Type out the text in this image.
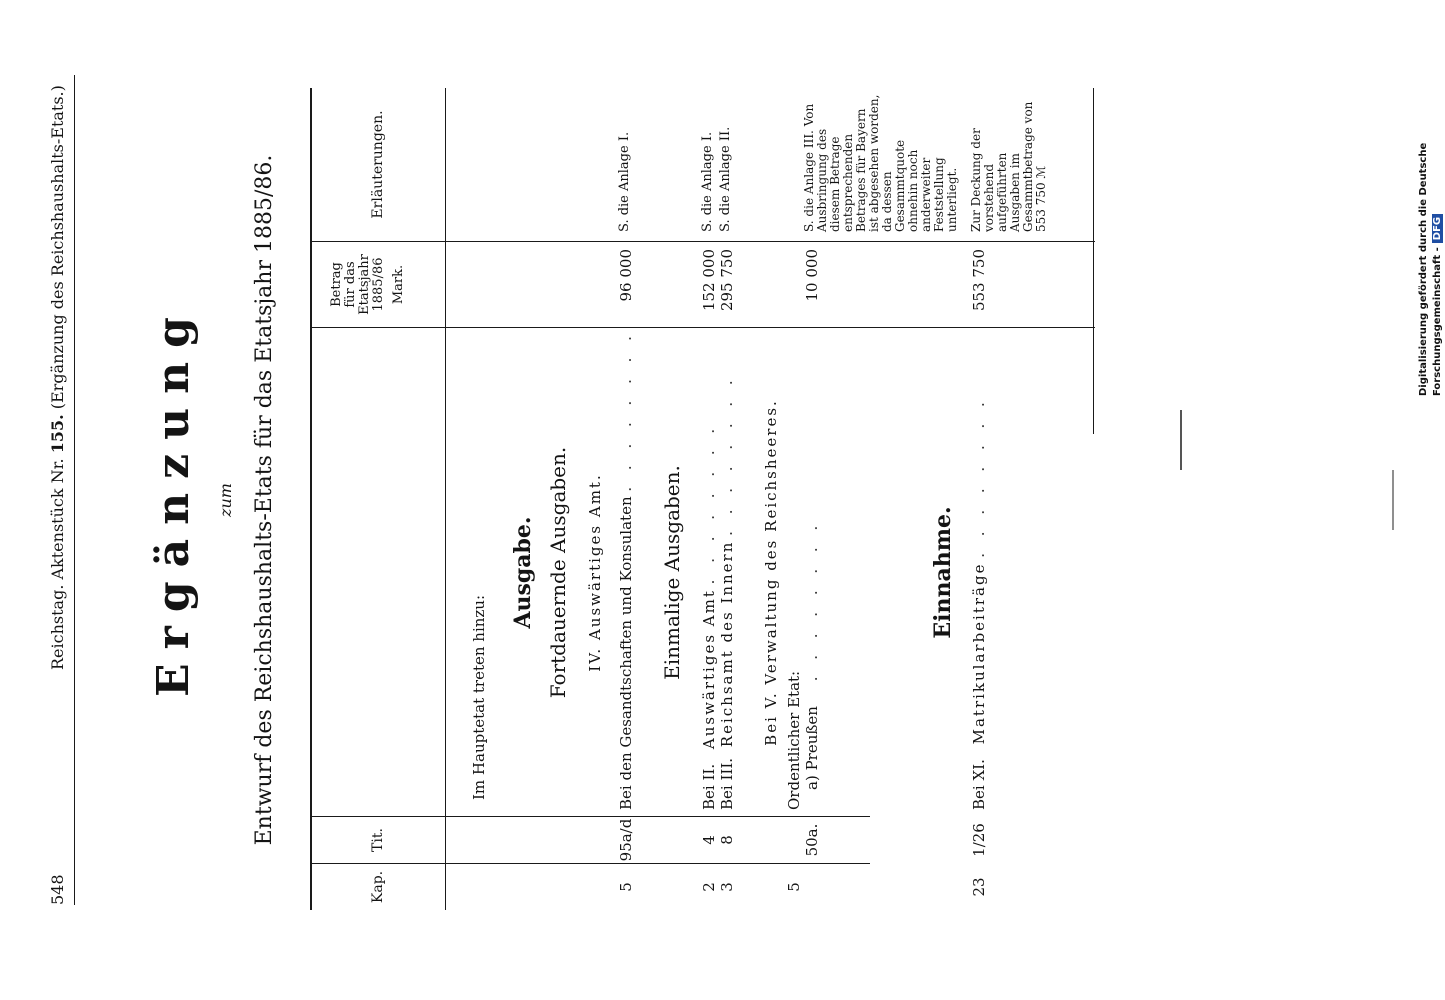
548
Reichstag. Aktenstück Nr. 155. (Ergänzung des Reichshaushalts-Etats.)
Ergänzung zum Entwurf des Reichshaushalts-Etats für das Etatsjahr 1885/86.
Kap.
Tit.
Betrag für das Etatsjahr 1885/86 Mark.
Erläuterungen.
Im Hauptetat treten hinzu:
Ausgabe. Fortdauernde Ausgaben. IV. Auswärtiges Amt.
5
95a/d
Bei den Gesandtschaften und Konsulaten . . . . . . . .
96 000
S. die Anlage I.
Einmalige Ausgaben.
2
4
Bei II. Auswärtiges Amt . . . . . . . .
152 000
S. die Anlage I.
3
8
Bei III. Reichsamt des Innern . . . . . . . .
295 750
S. die Anlage II.
Bei V. Verwaltung des Reichsheeres.
5
Ordentlicher Etat:
50a.
a) Preußen . . . . . . . .
10 000
S. die Anlage III. Von Ausbringung des diesem Betrage entsprechenden Betrages für Bayern ist abgesehen worden, da dessen Gesammtquote ohnehin noch anderweiter Feststellung unterliegt.
Einnahme.
23
1/26
Bei XI. Matrikularbeiträge . . . . . . . .
553 750
Zur Deckung der vorstehend aufgeführten Ausgaben im Gesammtbetrage von 553 750 ℳ	Digitalisierung gefördert durch die Deutsche Forschungsgemeinschaft -DFG
